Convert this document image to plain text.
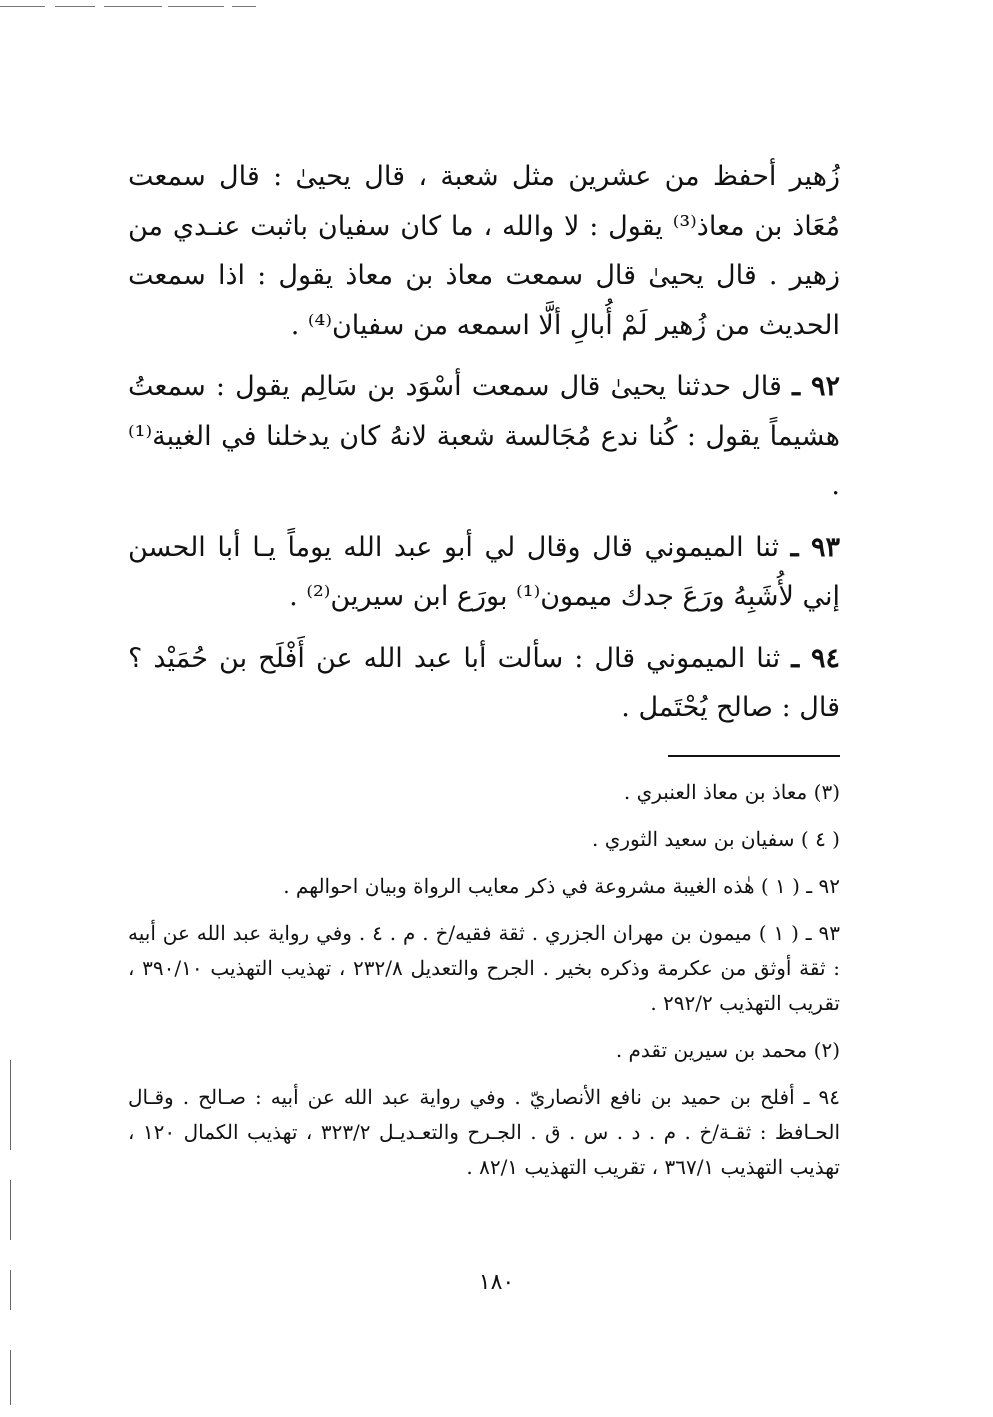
زُهير أحفظ من عشرين مثل شعبة ، قال يحيىٰ : قال سمعت مُعَاذ بن معاذ⁽³⁾ يقول : لا والله ، ما كان سفيان باثبت عنـدي من زهير . قال يحيىٰ قال سمعت معاذ بن معاذ يقول : اذا سمعت الحديث من زُهير لَمْ أُبالِ ألَّا اسمعه من سفيان⁽⁴⁾ .

٩٢ ـ قال حدثنا يحيىٰ قال سمعت أسْوَد بن سَالِم يقول : سمعتُ هشيماً يقول : كُنا ندع مُجَالسة شعبة لانهُ كان يدخلنا في الغيبة⁽¹⁾ .

٩٣ ـ ثنا الميموني قال وقال لي أبو عبد الله يوماً يـا أبا الحسن إني لأُشَبِهُ ورَعَ جدك ميمون⁽¹⁾ بورَع ابن سيرين⁽²⁾ .

٩٤ ـ ثنا الميموني قال : سألت أبا عبد الله عن أَفْلَح بن حُمَيْد ؟ قال : صالح يُحْتَمل .

(٣) معاذ بن معاذ العنبري .

( ٤ ) سفيان بن سعيد الثوري .

٩٢ ـ ( ١ ) هٰذه الغيبة مشروعة في ذكر معايب الرواة وبيان احوالهم .

٩٣ ـ ( ١ ) ميمون بن مهران الجزري . ثقة فقيه/خ . م . ٤ . وفي رواية عبد الله عن أبيه : ثقة أوثق من عكرمة وذكره بخير . الجرح والتعديل ٢٣٢/٨ ، تهذيب التهذيب ٣٩٠/١٠ ، تقريب التهذيب ٢٩٢/٢ .

(٢) محمد بن سيرين تقدم .

٩٤ ـ أفلح بن حميد بن نافع الأنصاريّ . وفي رواية عبد الله عن أبيه : صـالح . وقـال الحـافظ : ثقـة/خ . م . د . س . ق . الجـرح والتعـديـل ٣٢٣/٢ ، تهذيب الكمال ١٢٠ ، تهذيب التهذيب ٣٦٧/١ ، تقريب التهذيب ٨٢/١ .

١٨٠
